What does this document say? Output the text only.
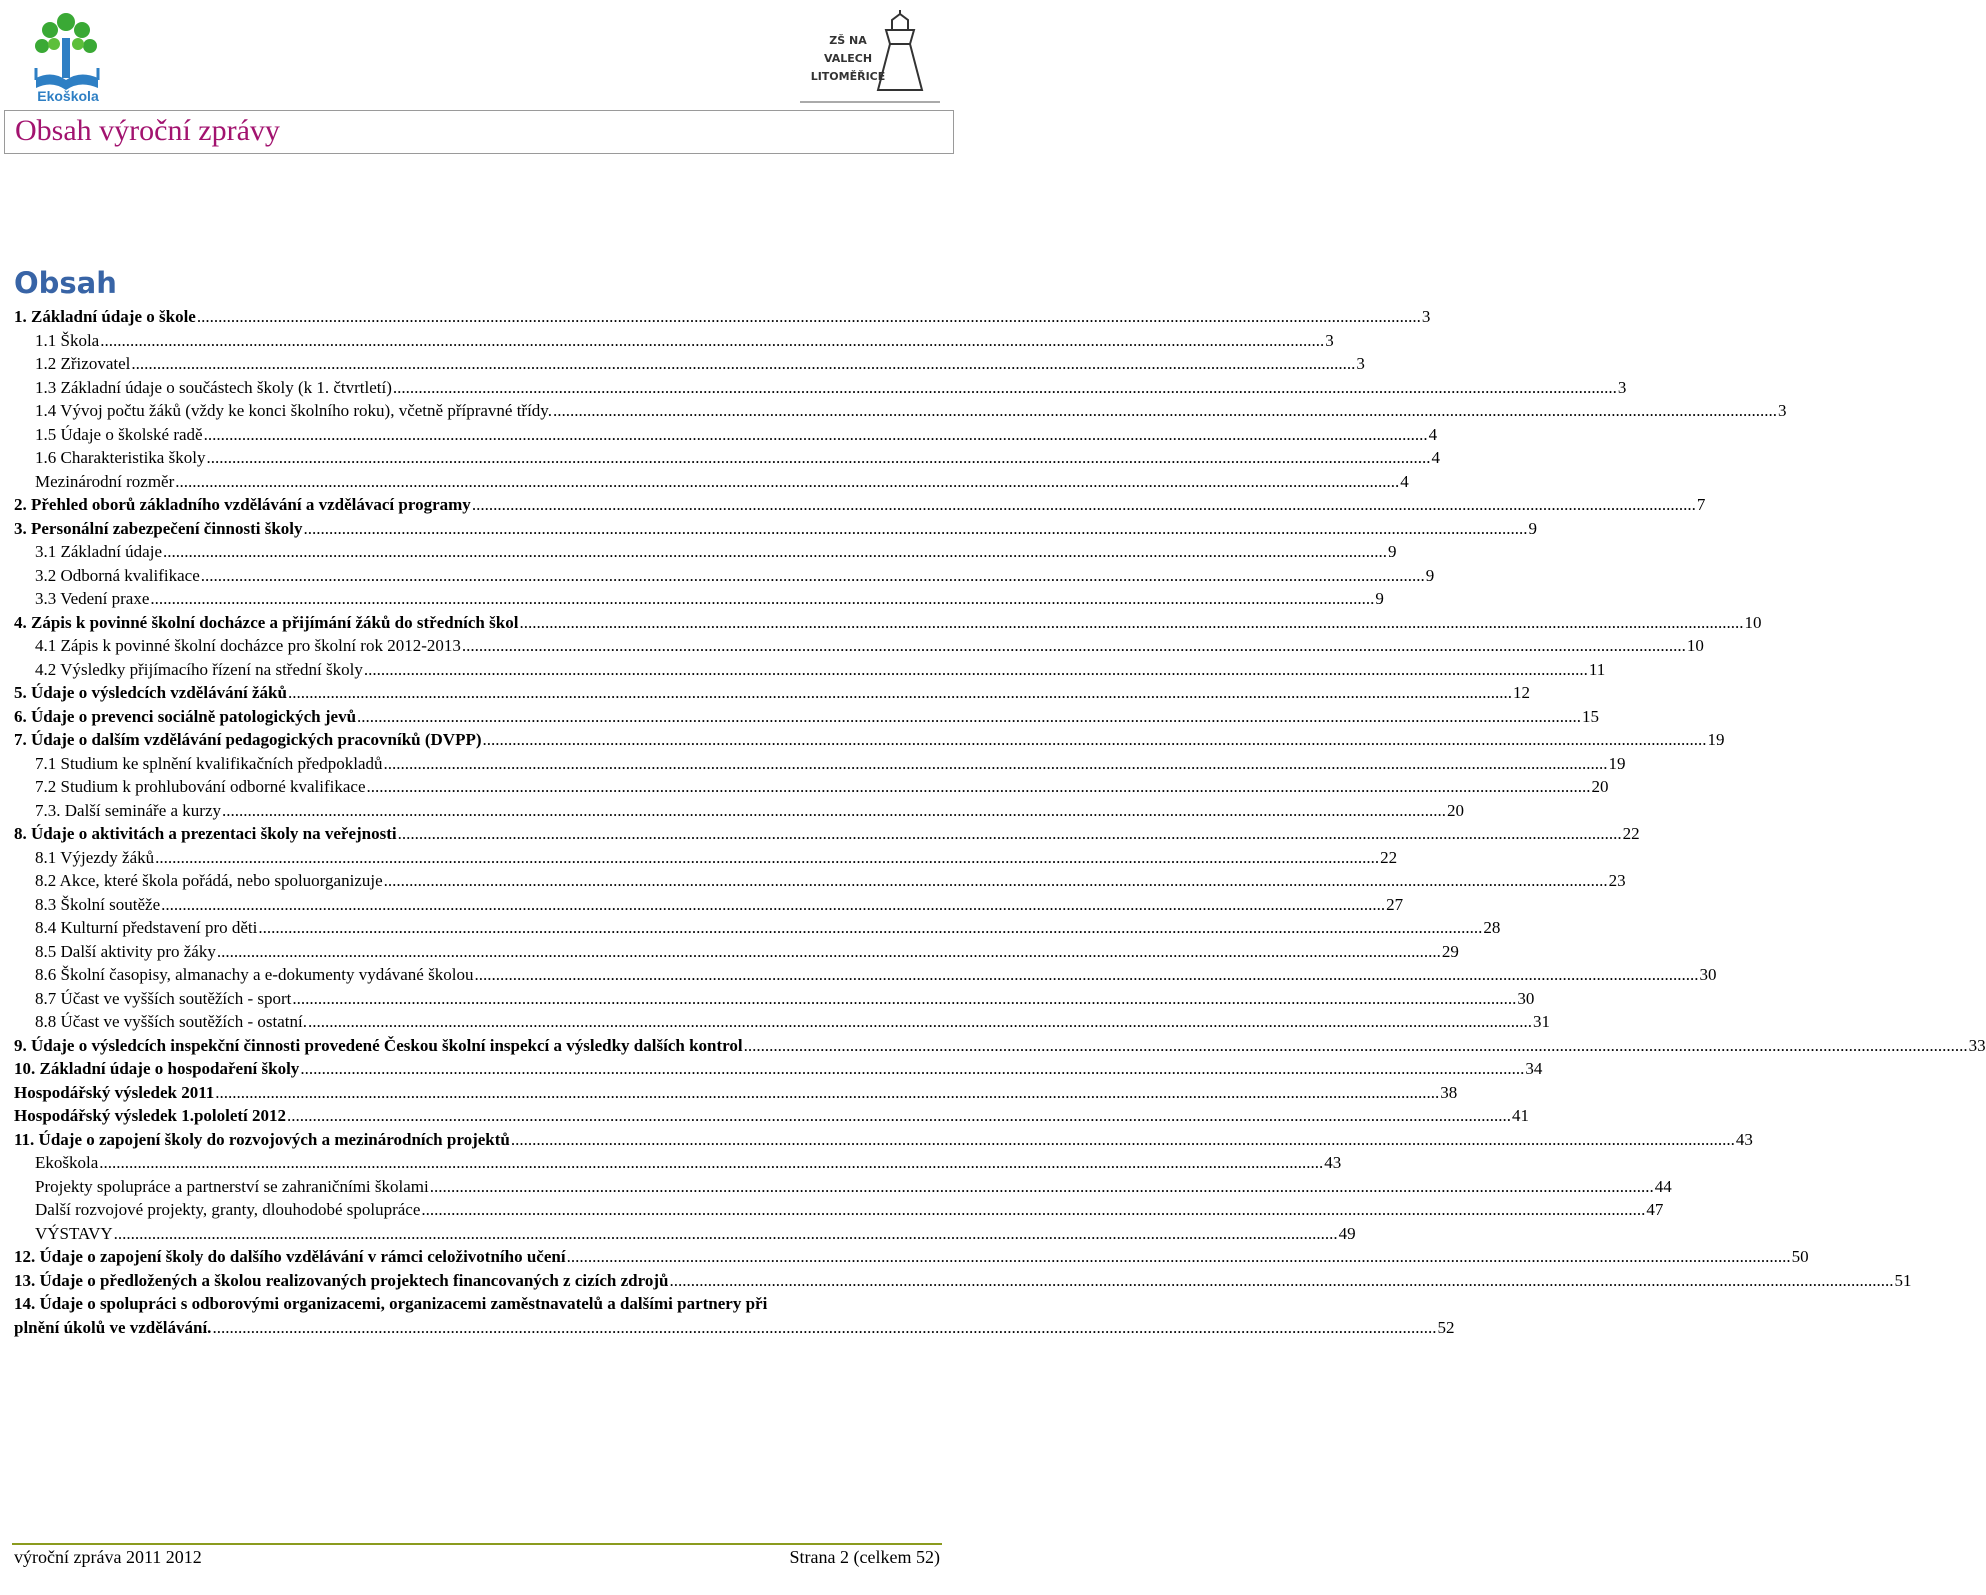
Ekoškola
ZŠ NA VALECH LITOMĚŘICE
Obsah výroční zprávy
Obsah
1. Základní údaje o škole .....	3
1.1 Škola .....	3
1.2 Zřizovatel .....	3
1.3 Základní údaje o součástech školy (k 1. čtvrtletí) .....	3
1.4 Vývoj počtu žáků (vždy ke konci školního roku), včetně přípravné třídy. .....	3
1.5 Údaje o školské radě .....	4
1.6 Charakteristika školy .....	4
Mezinárodní rozměr .....	4
2. Přehled oborů základního vzdělávání a vzdělávací programy .....	7
3. Personální zabezpečení činnosti školy .....	9
3.1 Základní údaje .....	9
3.2 Odborná kvalifikace .....	9
3.3 Vedení praxe .....	9
4. Zápis k povinné školní docházce a přijímání žáků do středních škol .....	10
4.1 Zápis k povinné školní docházce pro školní rok 2012-2013 .....	10
4.2 Výsledky přijímacího řízení na střední školy .....	11
5. Údaje o výsledcích vzdělávání žáků .....	12
6. Údaje o prevenci sociálně patologických jevů .....	15
7. Údaje o dalším vzdělávání pedagogických pracovníků (DVPP) .....	19
7.1 Studium ke splnění kvalifikačních předpokladů .....	19
7.2 Studium k prohlubování odborné kvalifikace .....	20
7.3. Další semináře a kurzy .....	20
8. Údaje o aktivitách a prezentaci školy na veřejnosti .....	22
8.1 Výjezdy žáků .....	22
8.2 Akce, které škola pořádá, nebo spoluorganizuje .....	23
8.3 Školní soutěže .....	27
8.4 Kulturní představení pro děti .....	28
8.5 Další aktivity pro žáky .....	29
8.6 Školní časopisy, almanachy a e-dokumenty vydávané školou .....	30
8.7 Účast ve vyšších soutěžích - sport .....	30
8.8 Účast ve vyšších soutěžích - ostatní. .....	31
9. Údaje o výsledcích inspekční činnosti provedené Českou školní inspekcí a výsledky dalších kontrol .....	33
10. Základní údaje o hospodaření školy .....	34
Hospodářský výsledek 2011 .....	38
Hospodářský výsledek 1.pololetí 2012 .....	41
11. Údaje o zapojení školy do rozvojových a mezinárodních projektů .....	43
Ekoškola .....	43
Projekty spolupráce a partnerství se zahraničními školami .....	44
Další rozvojové projekty, granty, dlouhodobé spolupráce .....	47
VÝSTAVY .....	49
12. Údaje o zapojení školy do dalšího vzdělávání v rámci celoživotního učení .....	50
13. Údaje o předložených a školou realizovaných projektech financovaných z cizích zdrojů .....	51
14. Údaje o spolupráci s odborovými organizacemi, organizacemi zaměstnavatelů a dalšími partnery při
plnění úkolů ve vzdělávání. .....	52
výroční zpráva 2011 2012	Strana 2 (celkem 52)
